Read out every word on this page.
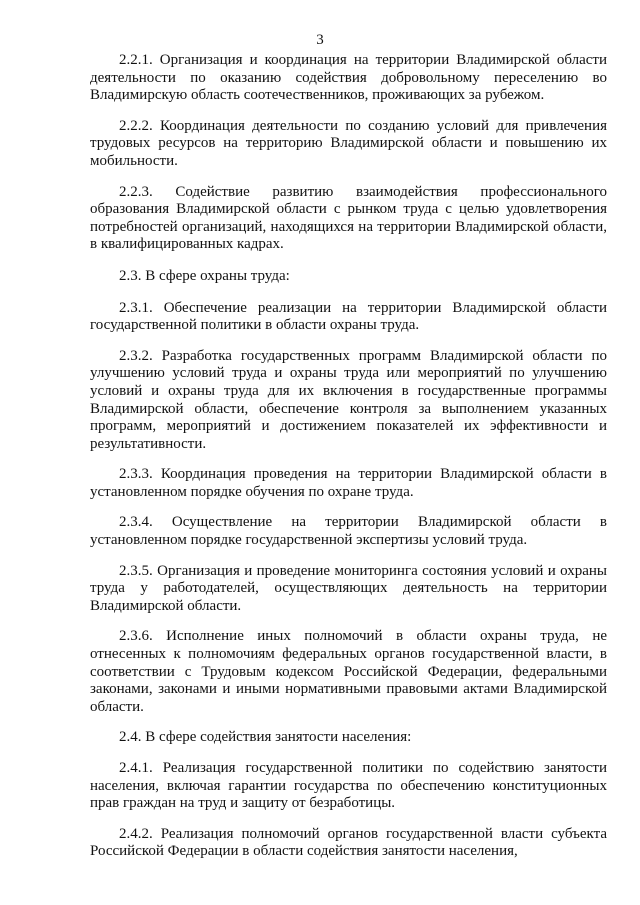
3

2.2.1. Организация и координация на территории Владимирской области деятельности по оказанию содействия добровольному переселению во Владимирскую область соотечественников, проживающих за рубежом.

2.2.2. Координация деятельности по созданию условий для привлечения трудовых ресурсов на территорию Владимирской области и повышению их мобильности.

2.2.3. Содействие развитию взаимодействия профессионального образования Владимирской области с рынком труда с целью удовлетворения потребностей организаций, находящихся на территории Владимирской области, в квалифицированных кадрах.

2.3. В сфере охраны труда:

2.3.1. Обеспечение реализации на территории Владимирской области государственной политики в области охраны труда.

2.3.2. Разработка государственных программ Владимирской области по улучшению условий труда и охраны труда или мероприятий по улучшению условий и охраны труда для их включения в государственные программы Владимирской области, обеспечение контроля за выполнением указанных программ, мероприятий и достижением показателей их эффективности и результативности.

2.3.3. Координация проведения на территории Владимирской области в установленном порядке обучения по охране труда.

2.3.4. Осуществление на территории Владимирской области в установленном порядке государственной экспертизы условий труда.

2.3.5. Организация и проведение мониторинга состояния условий и охраны труда у работодателей, осуществляющих деятельность на территории Владимирской области.

2.3.6. Исполнение иных полномочий в области охраны труда, не отнесенных к полномочиям федеральных органов государственной власти, в соответствии с Трудовым кодексом Российской Федерации, федеральными законами, законами и иными нормативными правовыми актами Владимирской области.

2.4. В сфере содействия занятости населения:

2.4.1. Реализация государственной политики по содействию занятости населения, включая гарантии государства по обеспечению конституционных прав граждан на труд и защиту от безработицы.

2.4.2. Реализация полномочий органов государственной власти субъекта Российской Федерации в области содействия занятости населения,
